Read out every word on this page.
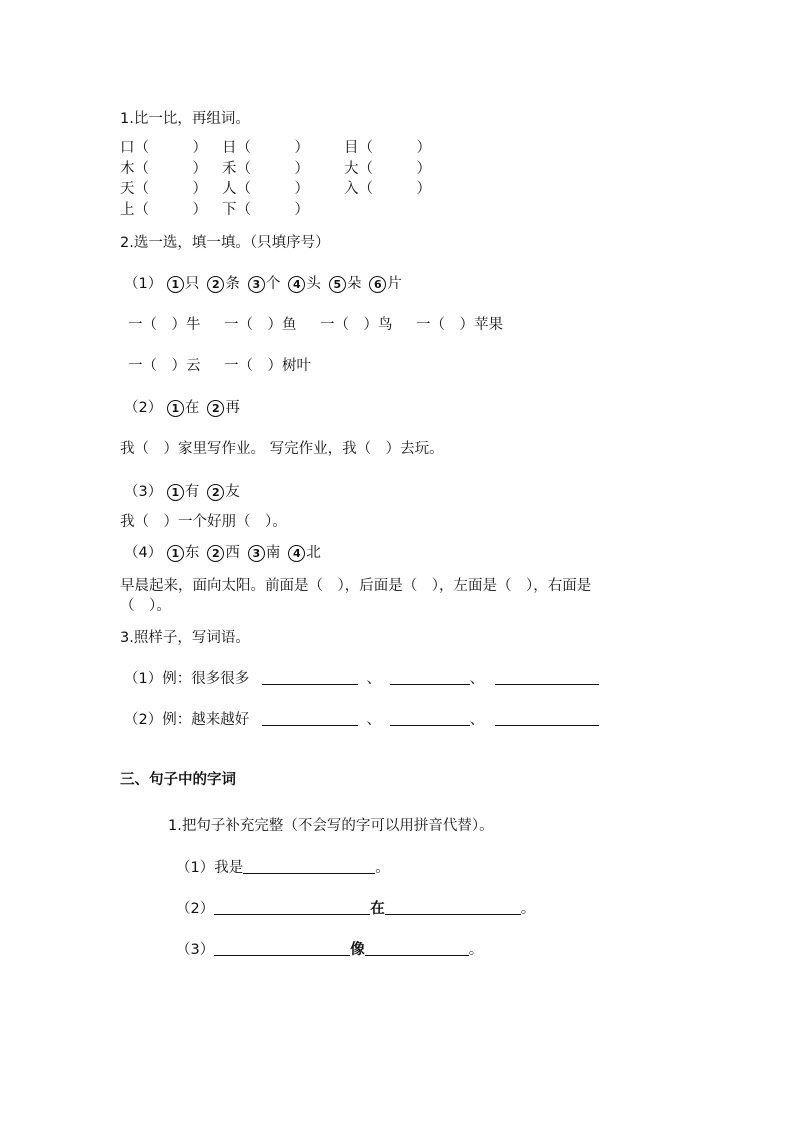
1.比一比，再组词。
口（　　　） 日（　　　） 目（　　　）
木（　　　） 禾（　　　） 大（　　　）
天（　　　） 人（　　　） 入（　　　）
上（　　　） 下（　　　）
2.选一选，填一填。（只填序号）
（1） 1 只 2 条 3 个 4 头 5 朵 6 片
一（　）牛 一（　）鱼 一（　）鸟 一（　）苹果
一（　）云 一（　）树叶
（2） 1 在 2 再
我（　）家里写作业。 写完作业，我（　）去玩。
（3） 1 有 2 友
我（　）一个好朋（　）。
（4） 1 东 2 西 3 南 4 北
早晨起来，面向太阳。前面是（　），后面是（　），左面是（　），右面是
（　）。
3.照样子，写词语。
（1）例：很多很多	、	、
（2）例：越来越好	、	、
三、句子中的字词
1.把句子补充完整（不会写的字可以用拼音代替）。
（1）我是	。
（2）	在	。
（3）	像	。
